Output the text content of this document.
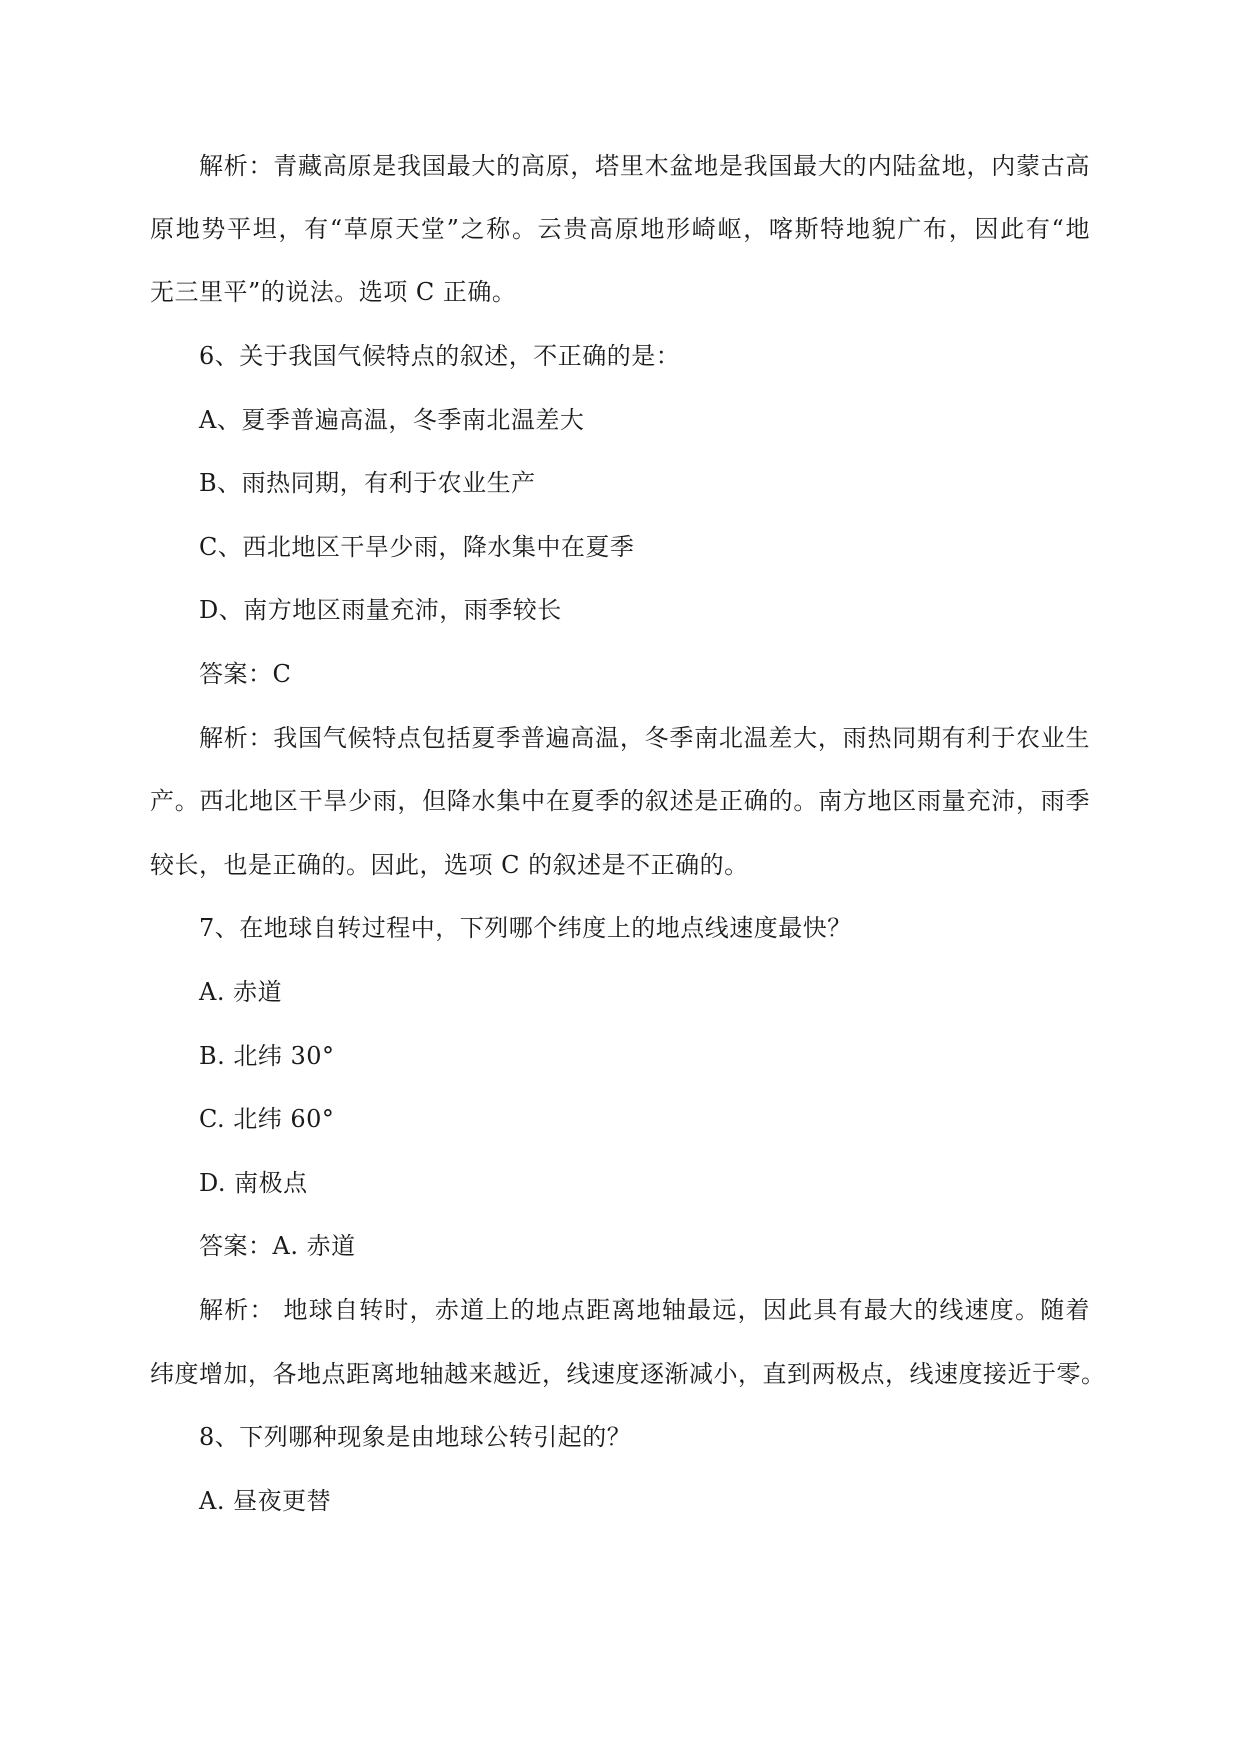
解析：青藏高原是我国最大的高原，塔里木盆地是我国最大的内陆盆地，内蒙古高
原地势平坦，有“草原天堂”之称。云贵高原地形崎岖，喀斯特地貌广布，因此有“地
无三里平”的说法。选项 C 正确。
6、关于我国气候特点的叙述，不正确的是：
A、夏季普遍高温，冬季南北温差大
B、雨热同期，有利于农业生产
C、西北地区干旱少雨，降水集中在夏季
D、南方地区雨量充沛，雨季较长
答案：C
解析：我国气候特点包括夏季普遍高温，冬季南北温差大，雨热同期有利于农业生
产。西北地区干旱少雨，但降水集中在夏季的叙述是正确的。南方地区雨量充沛，雨季
较长，也是正确的。因此，选项 C 的叙述是不正确的。
7、在地球自转过程中，下列哪个纬度上的地点线速度最快？
A. 赤道
B. 北纬 30°
C. 北纬 60°
D. 南极点
答案：A. 赤道
解析： 地球自转时，赤道上的地点距离地轴最远，因此具有最大的线速度。随着
纬度增加，各地点距离地轴越来越近，线速度逐渐减小，直到两极点，线速度接近于零。
8、下列哪种现象是由地球公转引起的？
A. 昼夜更替
